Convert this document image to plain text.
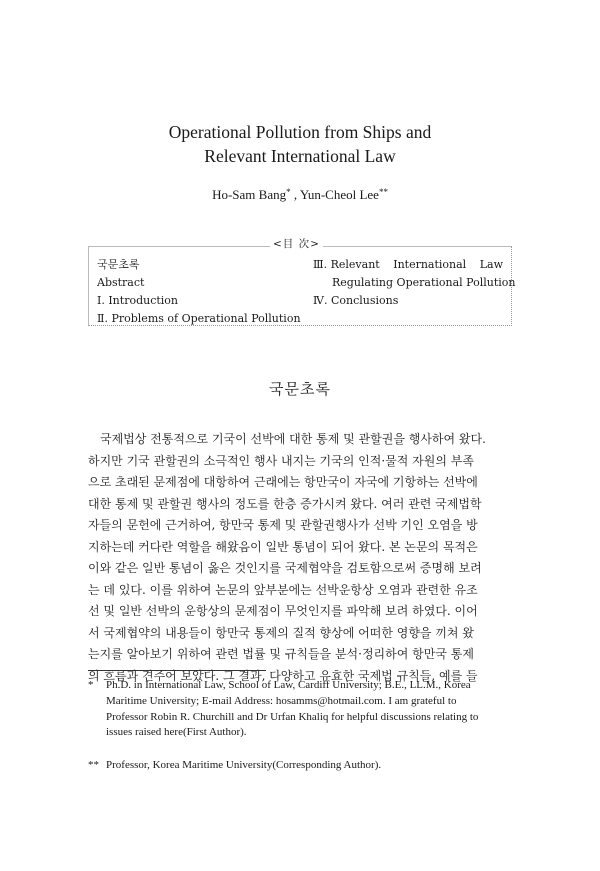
Operational Pollution from Ships and
Relevant International Law
Ho-Sam Bang* , Yun-Cheol Lee**
<目 次>
국문초록
Abstract
Ⅰ. Introduction
Ⅱ. Problems of Operational Pollution
Ⅲ. Relevant International Law
Regulating Operational Pollution
Ⅳ. Conclusions
국문초록
국제법상 전통적으로 기국이 선박에 대한 통제 및 관할권을 행사하여 왔다.
하지만 기국 관할권의 소극적인 행사 내지는 기국의 인적·물적 자원의 부족
으로 초래된 문제점에 대항하여 근래에는 항만국이 자국에 기항하는 선박에
대한 통제 및 관할권 행사의 정도를 한층 증가시켜 왔다. 여러 관련 국제법학
자들의 문헌에 근거하여, 항만국 통제 및 관할권행사가 선박 기인 오염을 방
지하는데 커다란 역할을 해왔음이 일반 통념이 되어 왔다. 본 논문의 목적은
이와 같은 일반 통념이 옳은 것인지를 국제협약을 검토함으로써 증명해 보려
는 데 있다. 이를 위하여 논문의 앞부분에는 선박운항상 오염과 관련한 유조
선 및 일반 선박의 운항상의 문제점이 무엇인지를 파악해 보려 하였다. 이어
서 국제협약의 내용들이 항만국 통제의 질적 향상에 어떠한 영향을 끼쳐 왔
는지를 알아보기 위하여 관련 법률 및 규칙들을 분석·정리하여 항만국 통제
의 흐름과 견주어 보았다. 그 결과, 다양하고 유효한 국제법 규칙들, 예를 들
* Ph.D. in International Law, School of Law, Cardiff University; B.E., LL.M., Korea
Maritime University; E-mail Address: hosamms@hotmail.com. I am grateful to
Professor Robin R. Churchill and Dr Urfan Khaliq for helpful discussions relating to
issues raised here(First Author).
** Professor, Korea Maritime University(Corresponding Author).
